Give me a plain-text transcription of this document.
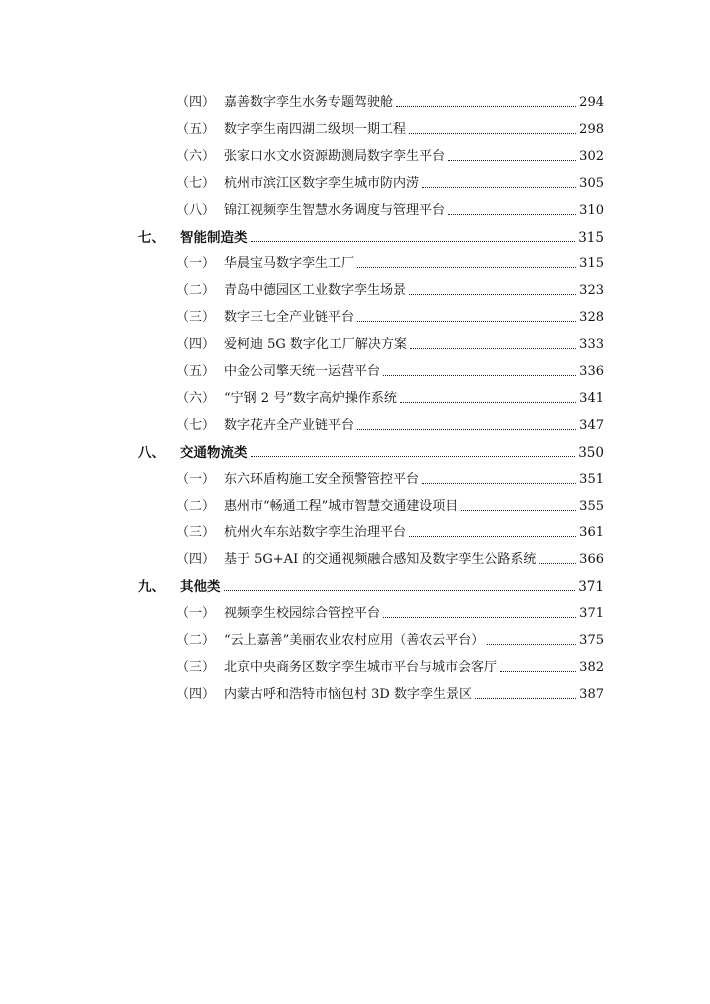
（四） 嘉善数字孪生水务专题驾驶舱	294
（五） 数字孪生南四湖二级坝一期工程	298
（六） 张家口水文水资源勘测局数字孪生平台	302
（七） 杭州市滨江区数字孪生城市防内涝	305
（八） 锦江视频孪生智慧水务调度与管理平台	310
七、	智能制造类	315
（一） 华晨宝马数字孪生工厂	315
（二） 青岛中德园区工业数字孪生场景	323
（三） 数字三七全产业链平台	328
（四） 爱柯迪 5G 数字化工厂解决方案	333
（五） 中金公司擎天统一运营平台	336
（六） “宁钢 2 号”数字高炉操作系统	341
（七） 数字花卉全产业链平台	347
八、	交通物流类	350
（一） 东六环盾构施工安全预警管控平台	351
（二） 惠州市“畅通工程”城市智慧交通建设项目	355
（三） 杭州火车东站数字孪生治理平台	361
（四） 基于 5G+AI 的交通视频融合感知及数字孪生公路系统	366
九、	其他类	371
（一） 视频孪生校园综合管控平台	371
（二） “云上嘉善”美丽农业农村应用（善农云平台）	375
（三） 北京中央商务区数字孪生城市平台与城市会客厅	382
（四） 内蒙古呼和浩特市恼包村 3D 数字孪生景区	387
